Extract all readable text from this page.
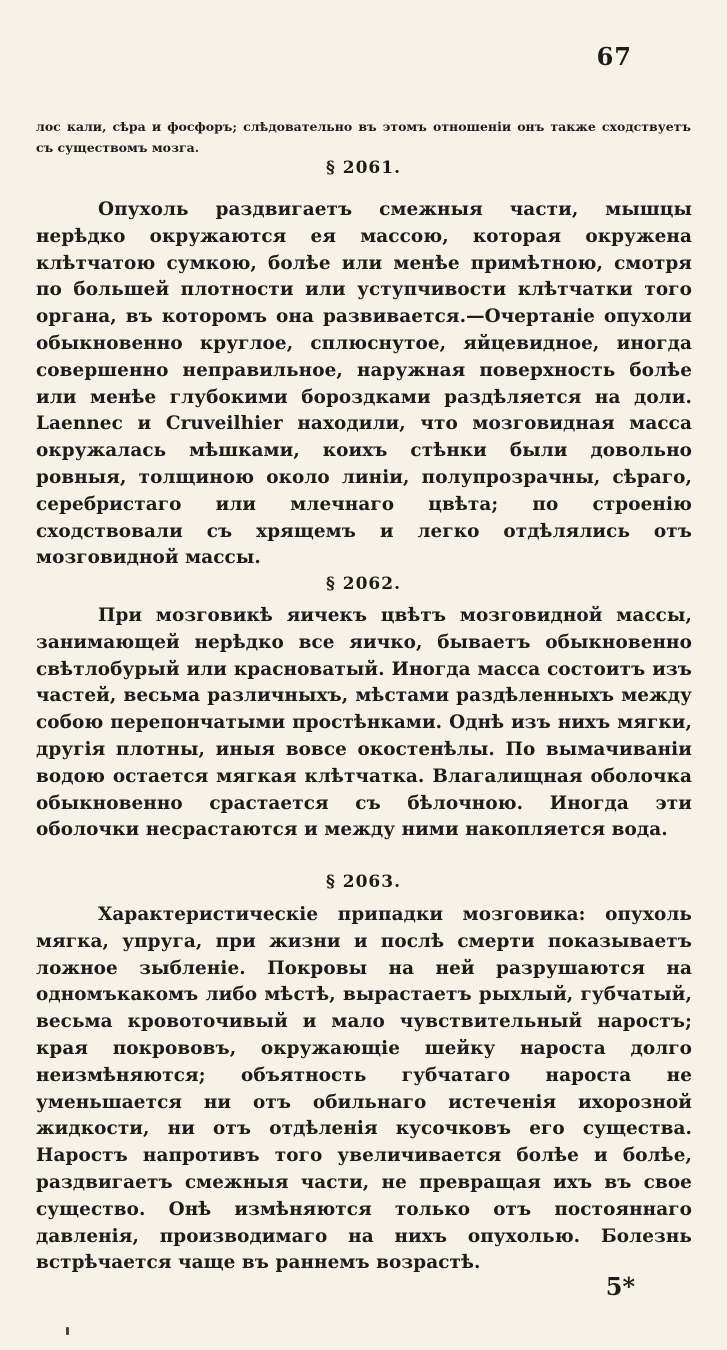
67
лос кали, сѣра и фосфоръ; слѣдовательно въ этомъ отношенiи онъ также сходствуетъ съ существомъ мозга.
§ 2061.
Опухоль раздвигаетъ смежныя части, мышцы нерѣдко окружаются ея массою, которая окружена клѣтчатою сумкою, болѣе или менѣе примѣтною, смотря по большей плотности или уступчивости клѣтчатки того органа, въ которомъ она развивается.—Очертанiе опухоли обыкновенно круглое, сплюснутое, яйцевидное, иногда совершенно неправильное, наружная поверхность болѣе или менѣе глубокими бороздками раздѣляется на доли. Laennec и Cruveilhier находили, что мозговидная масса окружалась мѣшками, коихъ стѣнки были довольно ровныя, толщиною около линiи, полупрозрачны, сѣраго, серебристаго или млечнаго цвѣта; по строенiю сходствовали съ хрящемъ и легко отдѣлялись отъ мозговидной массы.
§ 2062.
При мозговикѣ яичекъ цвѣтъ мозговидной массы, занимающей нерѣдко все яичко, бываетъ обыкновенно свѣтлобурый или красноватый. Иногда масса состоитъ изъ частей, весьма различныхъ, мѣстами раздѣленныхъ между собою перепончатыми простѣнками. Однѣ изъ нихъ мягки, другiя плотны, иныя вовсе окостенѣлы. По вымачиванiи водою остается мягкая клѣтчатка. Влагалищная оболочка обыкновенно срастается съ бѣлочною. Иногда эти оболочки несрастаются и между ними накопляется вода.
§ 2063.
Характеристическiе припадки мозговика: опухоль мягка, упруга, при жизни и послѣ смерти показываетъ ложное зыбленiе. Покровы на ней разрушаются на одномъкакомъ либо мѣстѣ, вырастаетъ рыхлый, губчатый, весьма кровоточивый и мало чувствительный наростъ; края покрововъ, окружающiе шейку нароста долго неизмѣняются; объятность губчатаго нароста не уменьшается ни отъ обильнаго истеченiя ихорозной жидкости, ни отъ отдѣленiя кусочковъ его существа. Наростъ напротивъ того увеличивается болѣе и болѣе, раздвигаетъ смежныя части, не превращая ихъ въ свое существо. Онѣ измѣняются только отъ постояннаго давленiя, производимаго на нихъ опухолью. Болезнь встрѣчается чаще въ раннемъ возрастѣ.
5*
